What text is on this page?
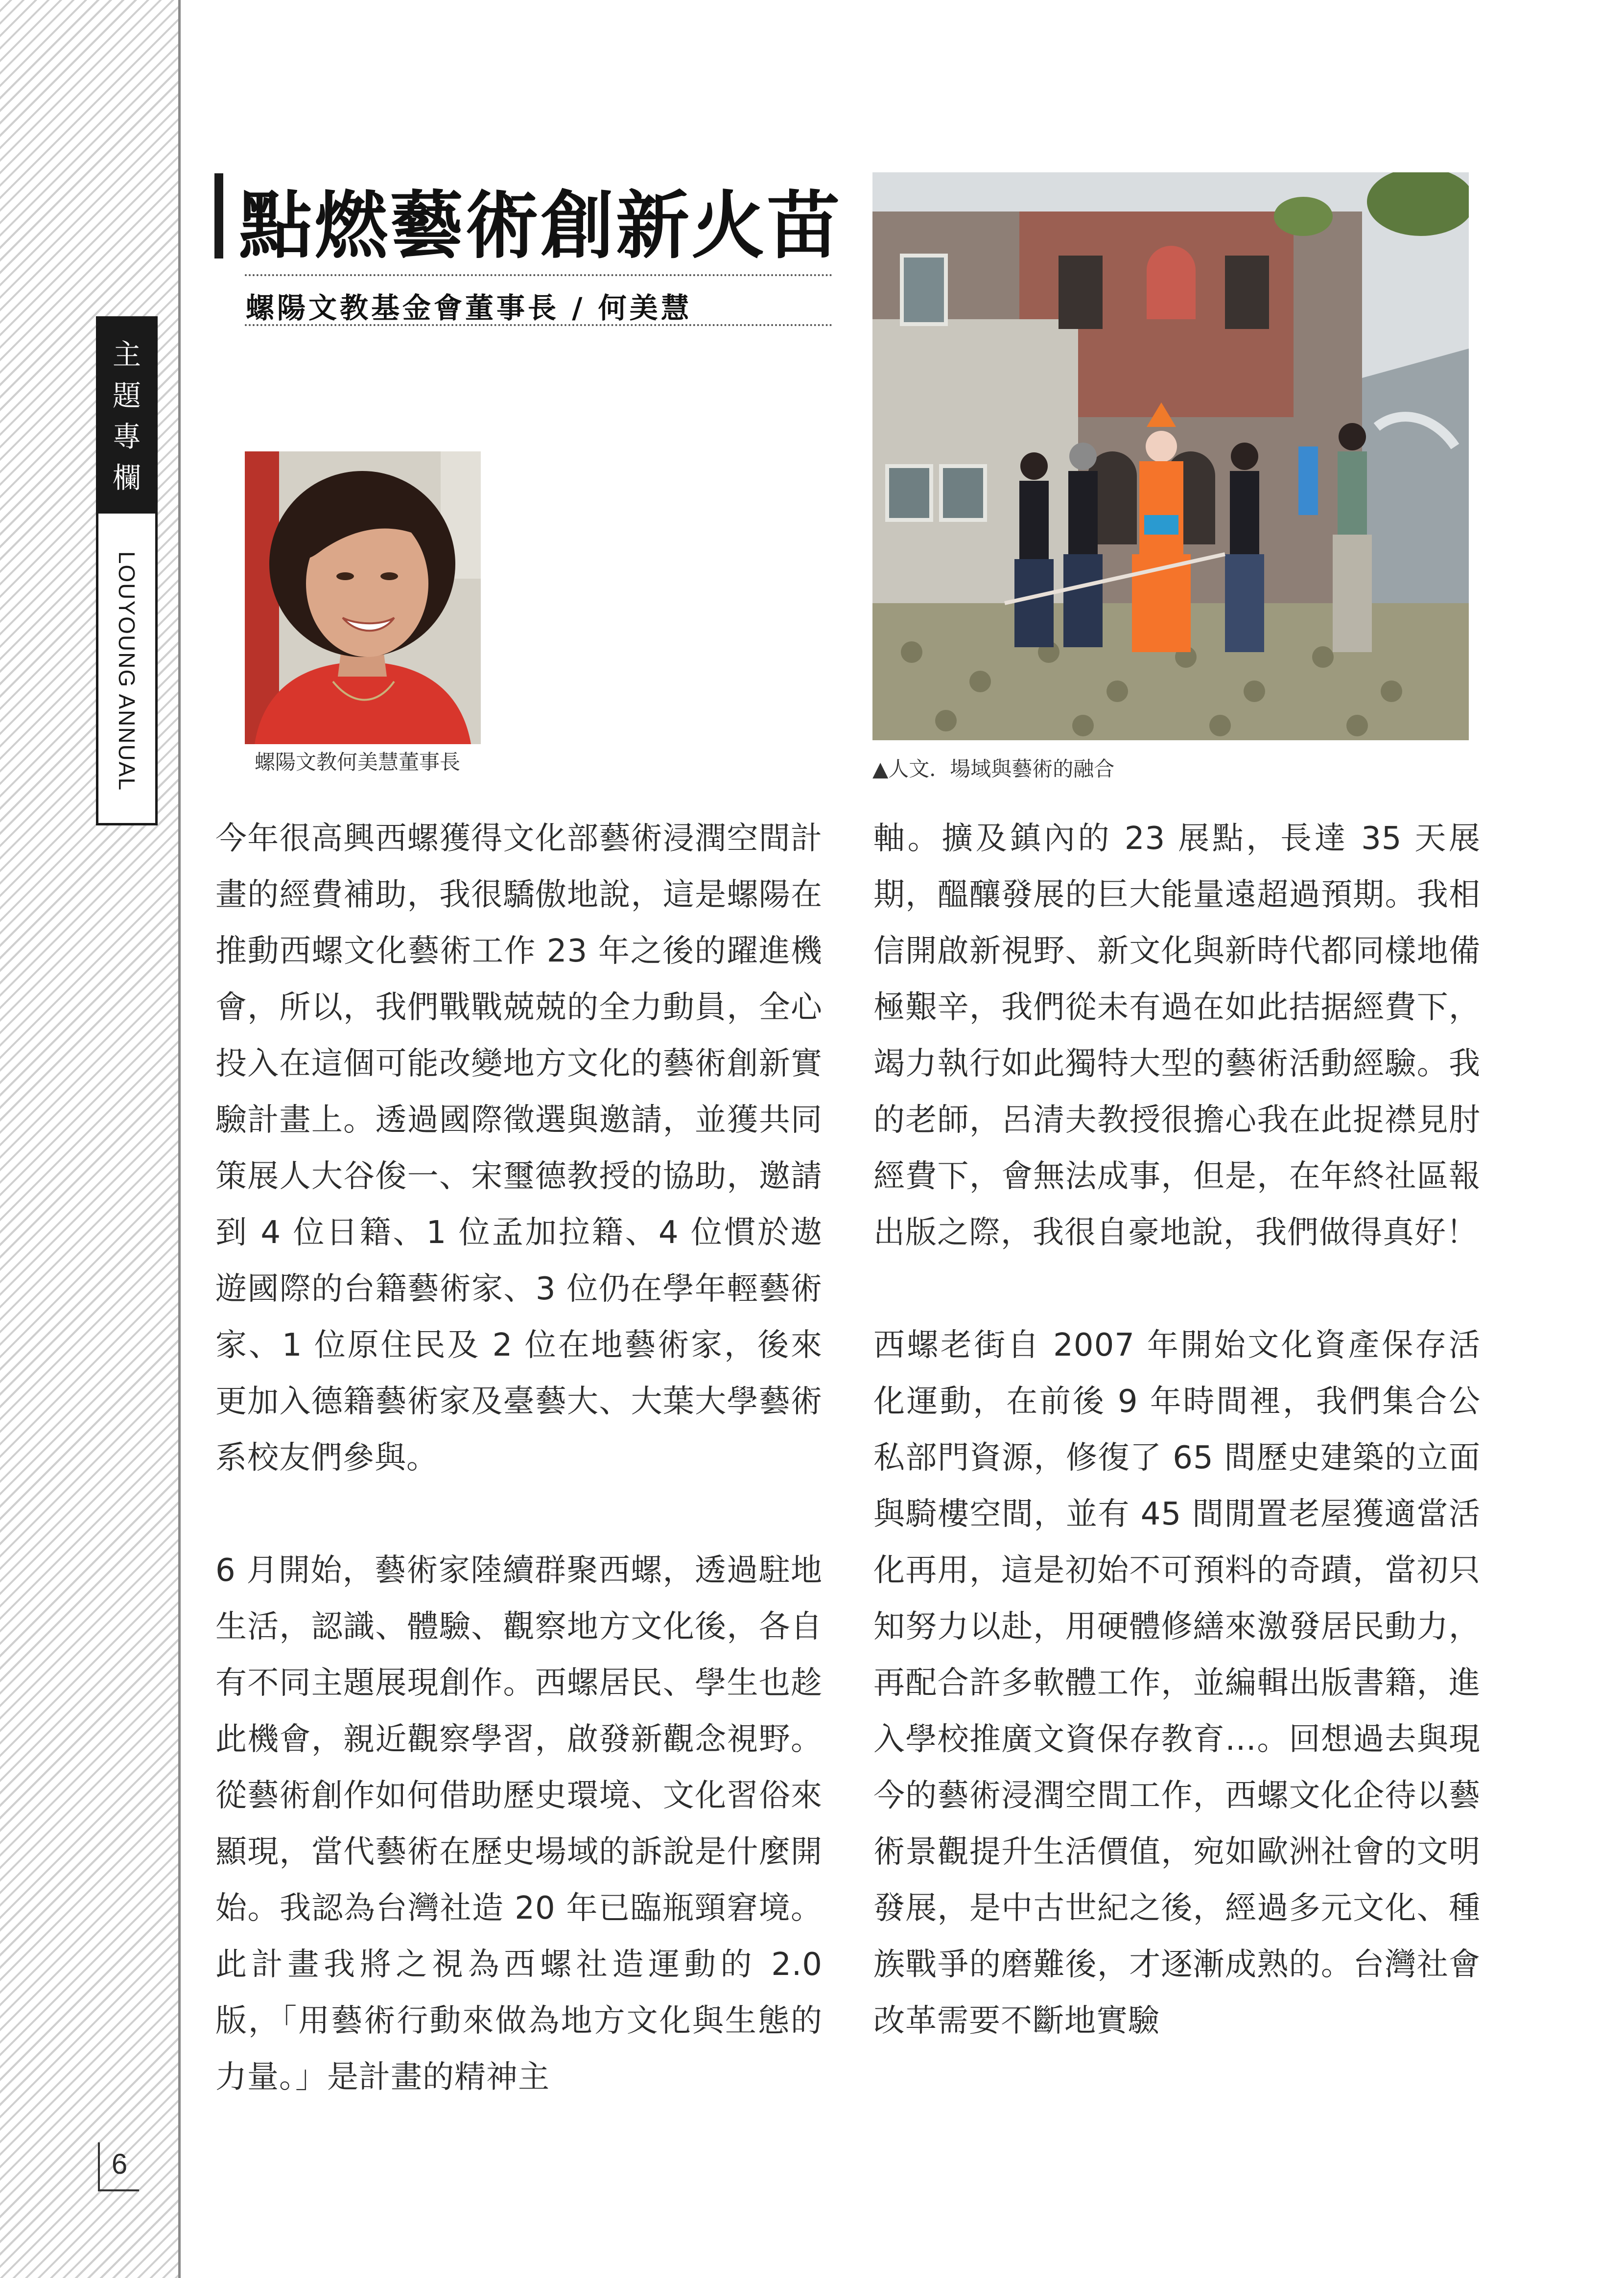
主題專欄
LOUYOUNG ANNUAL
6
點燃藝術創新火苗
螺陽文教基金會董事長 / 何美慧
螺陽文教何美慧董事長	▲人文．場域與藝術的融合

今年很高興西螺獲得文化部藝術浸潤空間計畫的經費補助，我很驕傲地說，這是螺陽在推動西螺文化藝術工作 23 年之後的躍進機會，所以，我們戰戰兢兢的全力動員，全心投入在這個可能改變地方文化的藝術創新實驗計畫上。透過國際徵選與邀請，並獲共同策展人大谷俊一、宋璽德教授的協助，邀請到 4 位日籍、1 位孟加拉籍、4 位慣於遨遊國際的台籍藝術家、3 位仍在學年輕藝術家、1 位原住民及 2 位在地藝術家，後來更加入德籍藝術家及臺藝大、大葉大學藝術系校友們參與。

6 月開始，藝術家陸續群聚西螺，透過駐地生活，認識、體驗、觀察地方文化後，各自有不同主題展現創作。西螺居民、學生也趁此機會，親近觀察學習，啟發新觀念視野。從藝術創作如何借助歷史環境、文化習俗來顯現，當代藝術在歷史場域的訴說是什麼開始。我認為台灣社造 20 年已臨瓶頸窘境。此計畫我將之視為西螺社造運動的 2.0 版，「用藝術行動來做為地方文化與生態的力量。」是計畫的精神主

軸。擴及鎮內的 23 展點，長達 35 天展期，醞釀發展的巨大能量遠超過預期。我相信開啟新視野、新文化與新時代都同樣地備極艱辛，我們從未有過在如此拮据經費下，竭力執行如此獨特大型的藝術活動經驗。我的老師，呂清夫教授很擔心我在此捉襟見肘經費下，會無法成事，但是，在年終社區報出版之際，我很自豪地說，我們做得真好！

西螺老街自 2007 年開始文化資產保存活化運動，在前後 9 年時間裡，我們集合公私部門資源，修復了 65 間歷史建築的立面與騎樓空間，並有 45 間閒置老屋獲適當活化再用，這是初始不可預料的奇蹟，當初只知努力以赴，用硬體修繕來激發居民動力，再配合許多軟體工作，並編輯出版書籍，進入學校推廣文資保存教育…。回想過去與現今的藝術浸潤空間工作，西螺文化企待以藝術景觀提升生活價值，宛如歐洲社會的文明發展，是中古世紀之後，經過多元文化、種族戰爭的磨難後，才逐漸成熟的。台灣社會改革需要不斷地實驗
